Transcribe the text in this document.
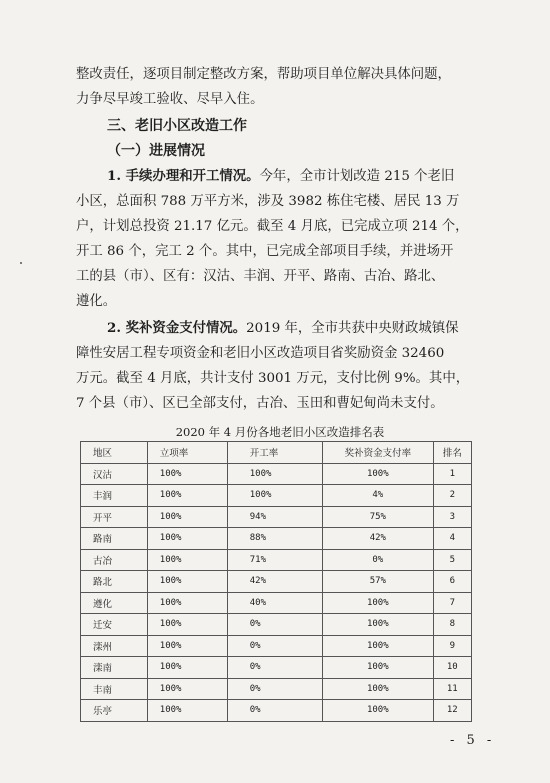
整改责任，逐项目制定整改方案，帮助项目单位解决具体问题，
力争尽早竣工验收、尽早入住。
三、老旧小区改造工作
（一）进展情况
1. 手续办理和开工情况。今年，全市计划改造 215 个老旧
小区，总面积 788 万平方米，涉及 3982 栋住宅楼、居民 13 万
户，计划总投资 21.17 亿元。截至 4 月底，已完成立项 214 个，
开工 86 个，完工 2 个。其中，已完成全部项目手续，并进场开
工的县（市）、区有：汉沽、丰润、开平、路南、古冶、路北、
遵化。
2. 奖补资金支付情况。2019 年，全市共获中央财政城镇保
障性安居工程专项资金和老旧小区改造项目省奖励资金 32460
万元。截至 4 月底，共计支付 3001 万元，支付比例 9%。其中，
7 个县（市）、区已全部支付，古冶、玉田和曹妃甸尚未支付。
2020 年 4 月份各地老旧小区改造排名表
地区	立项率	开工率	奖补资金支付率	排名
汉沽	100%	100%	100%	1
丰润	100%	100%	4%	2
开平	100%	94%	75%	3
路南	100%	88%	42%	4
古冶	100%	71%	0%	5
路北	100%	42%	57%	6
遵化	100%	40%	100%	7
迁安	100%	0%	100%	8
滦州	100%	0%	100%	9
滦南	100%	0%	100%	10
丰南	100%	0%	100%	11
乐亭	100%	0%	100%	12
- 5 -
